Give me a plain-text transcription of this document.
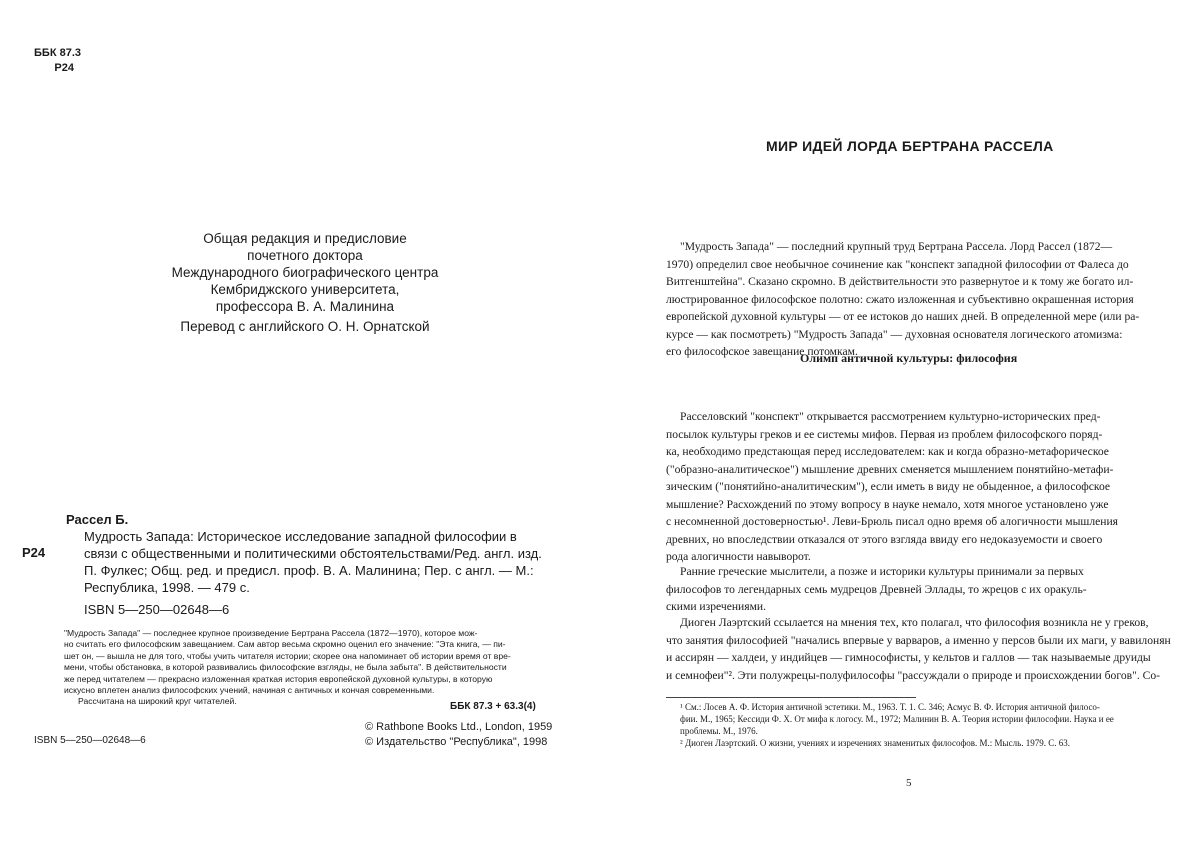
ББК 87.3
Р24
Общая редакция и предисловие
почетного доктора
Международного биографического центра
Кембриджского университета,
профессора В. А. Малинина
Перевод с английского О. Н. Орнатской
Рассел Б.
Р24
Мудрость Запада: Историческое исследование западной философии в
связи с общественными и политическими обстоятельствами/Ред. англ. изд.
П. Фулкес; Общ. ред. и предисл. проф. В. А. Малинина; Пер. с англ. — М.:
Республика, 1998. — 479 с.
ISBN 5—250—02648—6
"Мудрость Запада" — последнее крупное произведение Бертрана Рассела (1872—1970), которое мож-
но считать его философским завещанием. Сам автор весьма скромно оценил его значение: "Эта книга, — пи-
шет он, — вышла не для того, чтобы учить читателя истории; скорее она напоминает об истории время от вре-
мени, чтобы обстановка, в которой развивались философские взгляды, не была забыта". В действительности
же перед читателем — прекрасно изложенная краткая история европейской духовной культуры, в которую
искусно вплетен анализ философских учений, начиная с античных и кончая современными.
Рассчитана на широкий круг читателей.	ББК 87.3 + 63.3(4)
© Rathbone Books Ltd., London, 1959
© Издательство "Республика", 1998
ISBN 5—250—02648—6
МИР ИДЕЙ ЛОРДА БЕРТРАНА РАССЕЛА
"Мудрость Запада" — последний крупный труд Бертрана Рассела. Лорд Рассел (1872—
1970) определил свое необычное сочинение как "конспект западной философии от Фалеса до
Витгенштейна". Сказано скромно. В действительности это развернутое и к тому же богато ил-
люстрированное философское полотно: сжато изложенная и субъективно окрашенная история
европейской духовной культуры — от ее истоков до наших дней. В определенной мере (или ра-
курсе — как посмотреть) "Мудрость Запада" — духовная основателя логического атомизма:
его философское завещание потомкам.
Олимп античной культуры: философия
Расселовский "конспект" открывается рассмотрением культурно-исторических пред-
посылок культуры греков и ее системы мифов. Первая из проблем философского поряд-
ка, необходимо предстающая перед исследователем: как и когда образно-метафорическое
("образно-аналитическое") мышление древних сменяется мышлением понятийно-метафи-
зическим ("понятийно-аналитическим"), если иметь в виду не обыденное, а философское
мышление? Расхождений по этому вопросу в науке немало, хотя многое установлено уже
с несомненной достоверностью¹. Леви-Брюль писал одно время об алогичности мышления
древних, но впоследствии отказался от этого взгляда ввиду его недоказуемости и своего
рода алогичности навыворот.
Ранние греческие мыслители, а позже и историки культуры принимали за первых
философов то легендарных семь мудрецов Древней Эллады, то жрецов с их оракуль-
скими изречениями.
Диоген Лаэртский ссылается на мнения тех, кто полагал, что философия возникла не у греков,
что занятия философией "начались впервые у варваров, а именно у персов были их маги, у вавилонян
и ассирян — халдеи, у индийцев — гимнософисты, у кельтов и галлов — так называемые друиды
и семнофеи"². Эти полужрецы-полуфилософы "рассуждали о природе и происхождении богов". Со-
¹ См.: Лосев А. Ф. История античной эстетики. М., 1963. Т. 1. С. 346; Асмус В. Ф. История античной филосо-
фии. М., 1965; Кессиди Ф. Х. От мифа к логосу. М., 1972; Малинин В. А. Теория истории философии. Наука и ее
проблемы. М., 1976.
² Диоген Лаэртский. О жизни, учениях и изречениях знаменитых философов. М.: Мысль. 1979. С. 63.
5
